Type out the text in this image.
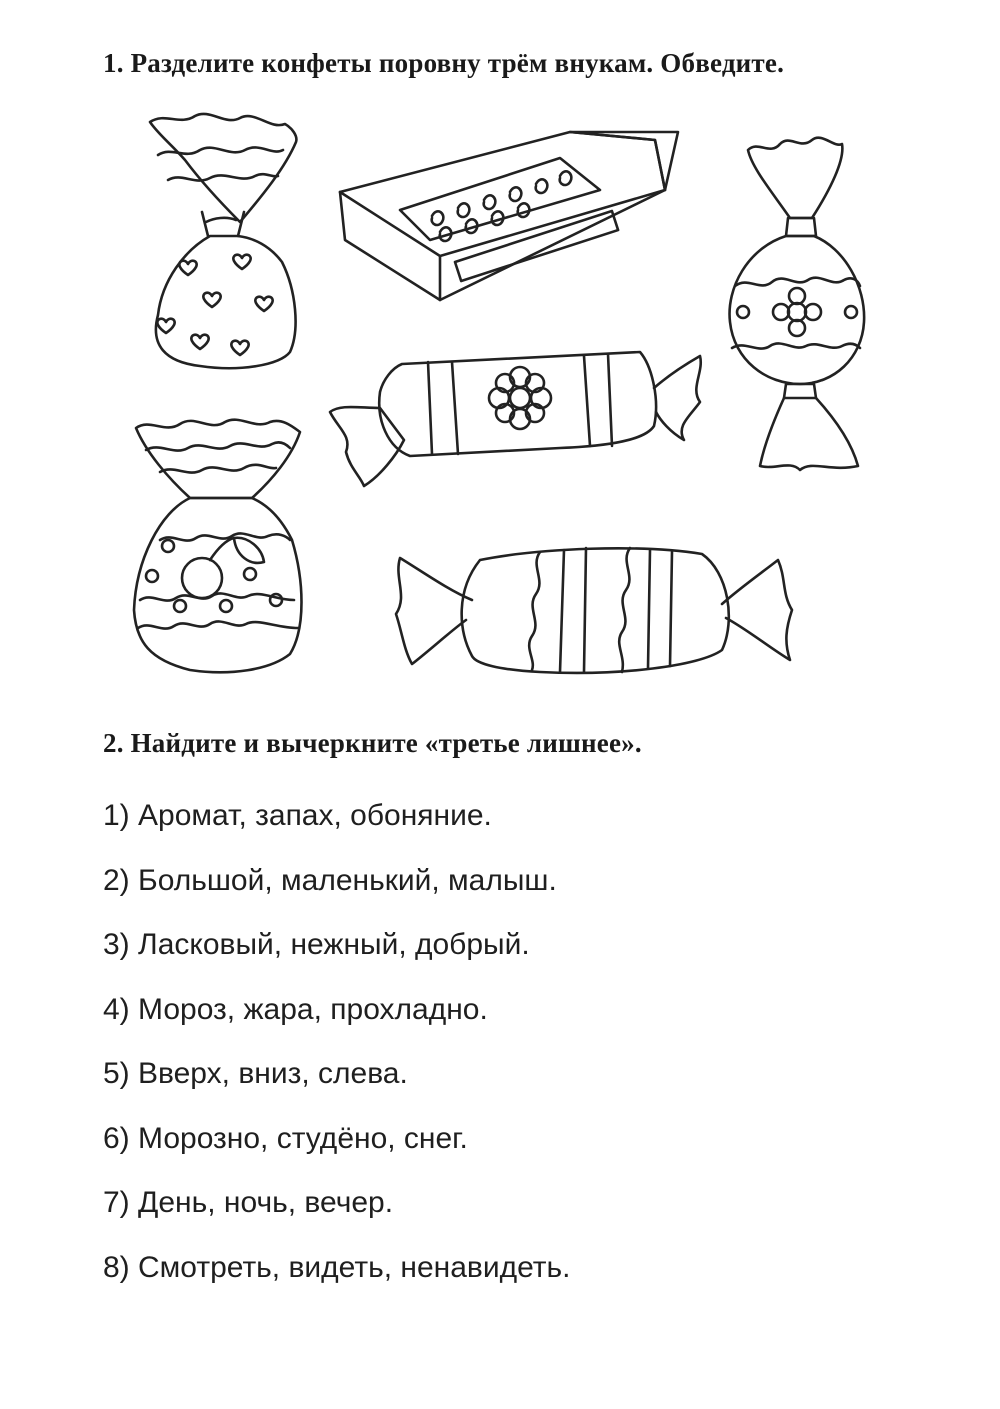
1. Разделите конфеты поровну трём внукам. Обведите.
2. Найдите и вычеркните «третье лишнее».
1) Аромат, запах, обоняние.
2) Большой, маленький, малыш.
3) Ласковый, нежный, добрый.
4) Мороз, жара, прохладно.
5) Вверх, вниз, слева.
6) Морозно, студёно, снег.
7) День, ночь, вечер.
8) Смотреть, видеть, ненавидеть.
